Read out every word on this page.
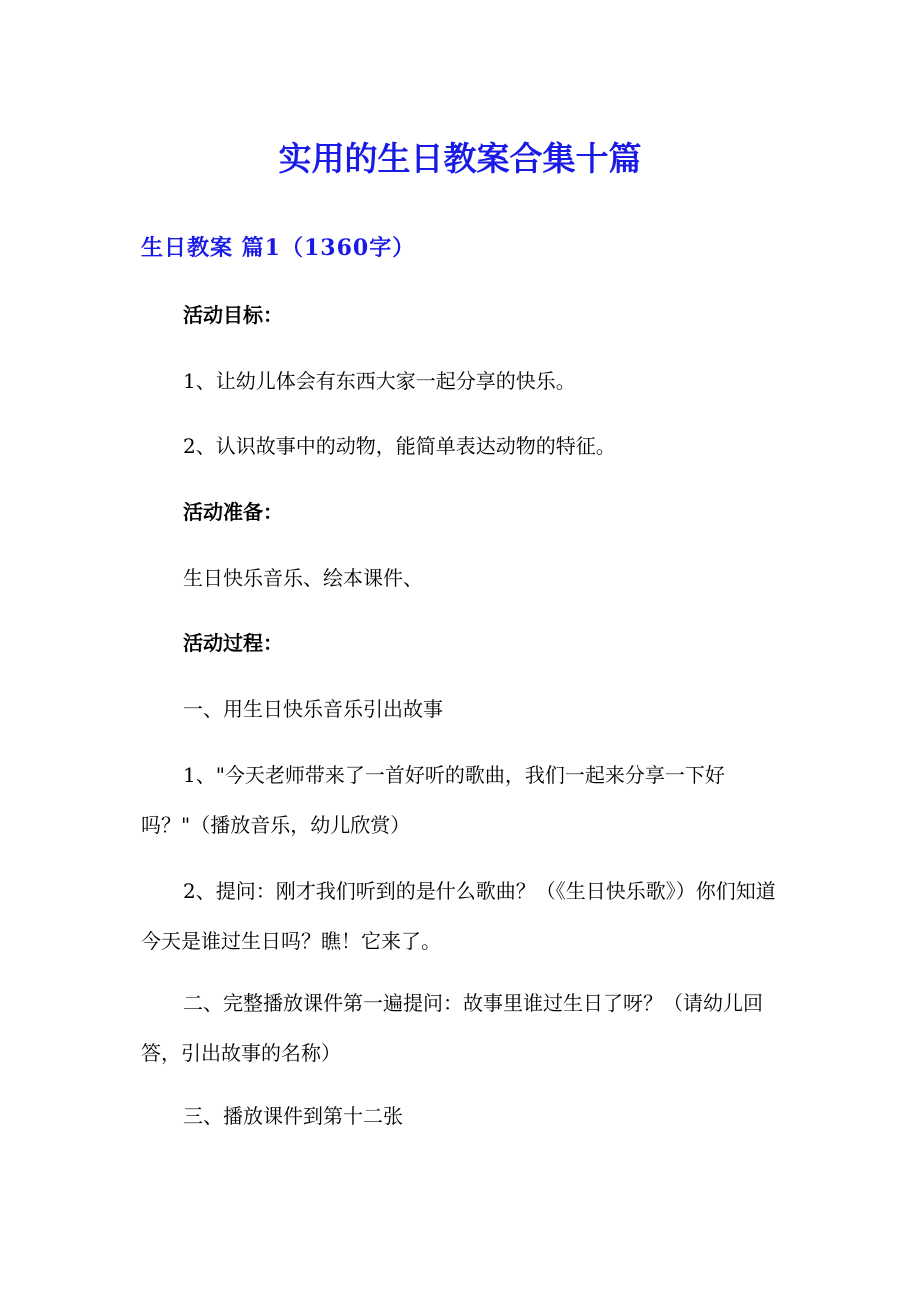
实用的生日教案合集十篇
生日教案 篇1（1360字）
活动目标：
1、让幼儿体会有东西大家一起分享的快乐。
2、认识故事中的动物，能简单表达动物的特征。
活动准备：
生日快乐音乐、绘本课件、
活动过程：
一、用生日快乐音乐引出故事
1、"今天老师带来了一首好听的歌曲，我们一起来分享一下好吗？"（播放音乐，幼儿欣赏）
2、提问：刚才我们听到的是什么歌曲？（《生日快乐歌》）你们知道今天是谁过生日吗？瞧！它来了。
二、完整播放课件第一遍提问：故事里谁过生日了呀？（请幼儿回答，引出故事的名称）
三、播放课件到第十二张
